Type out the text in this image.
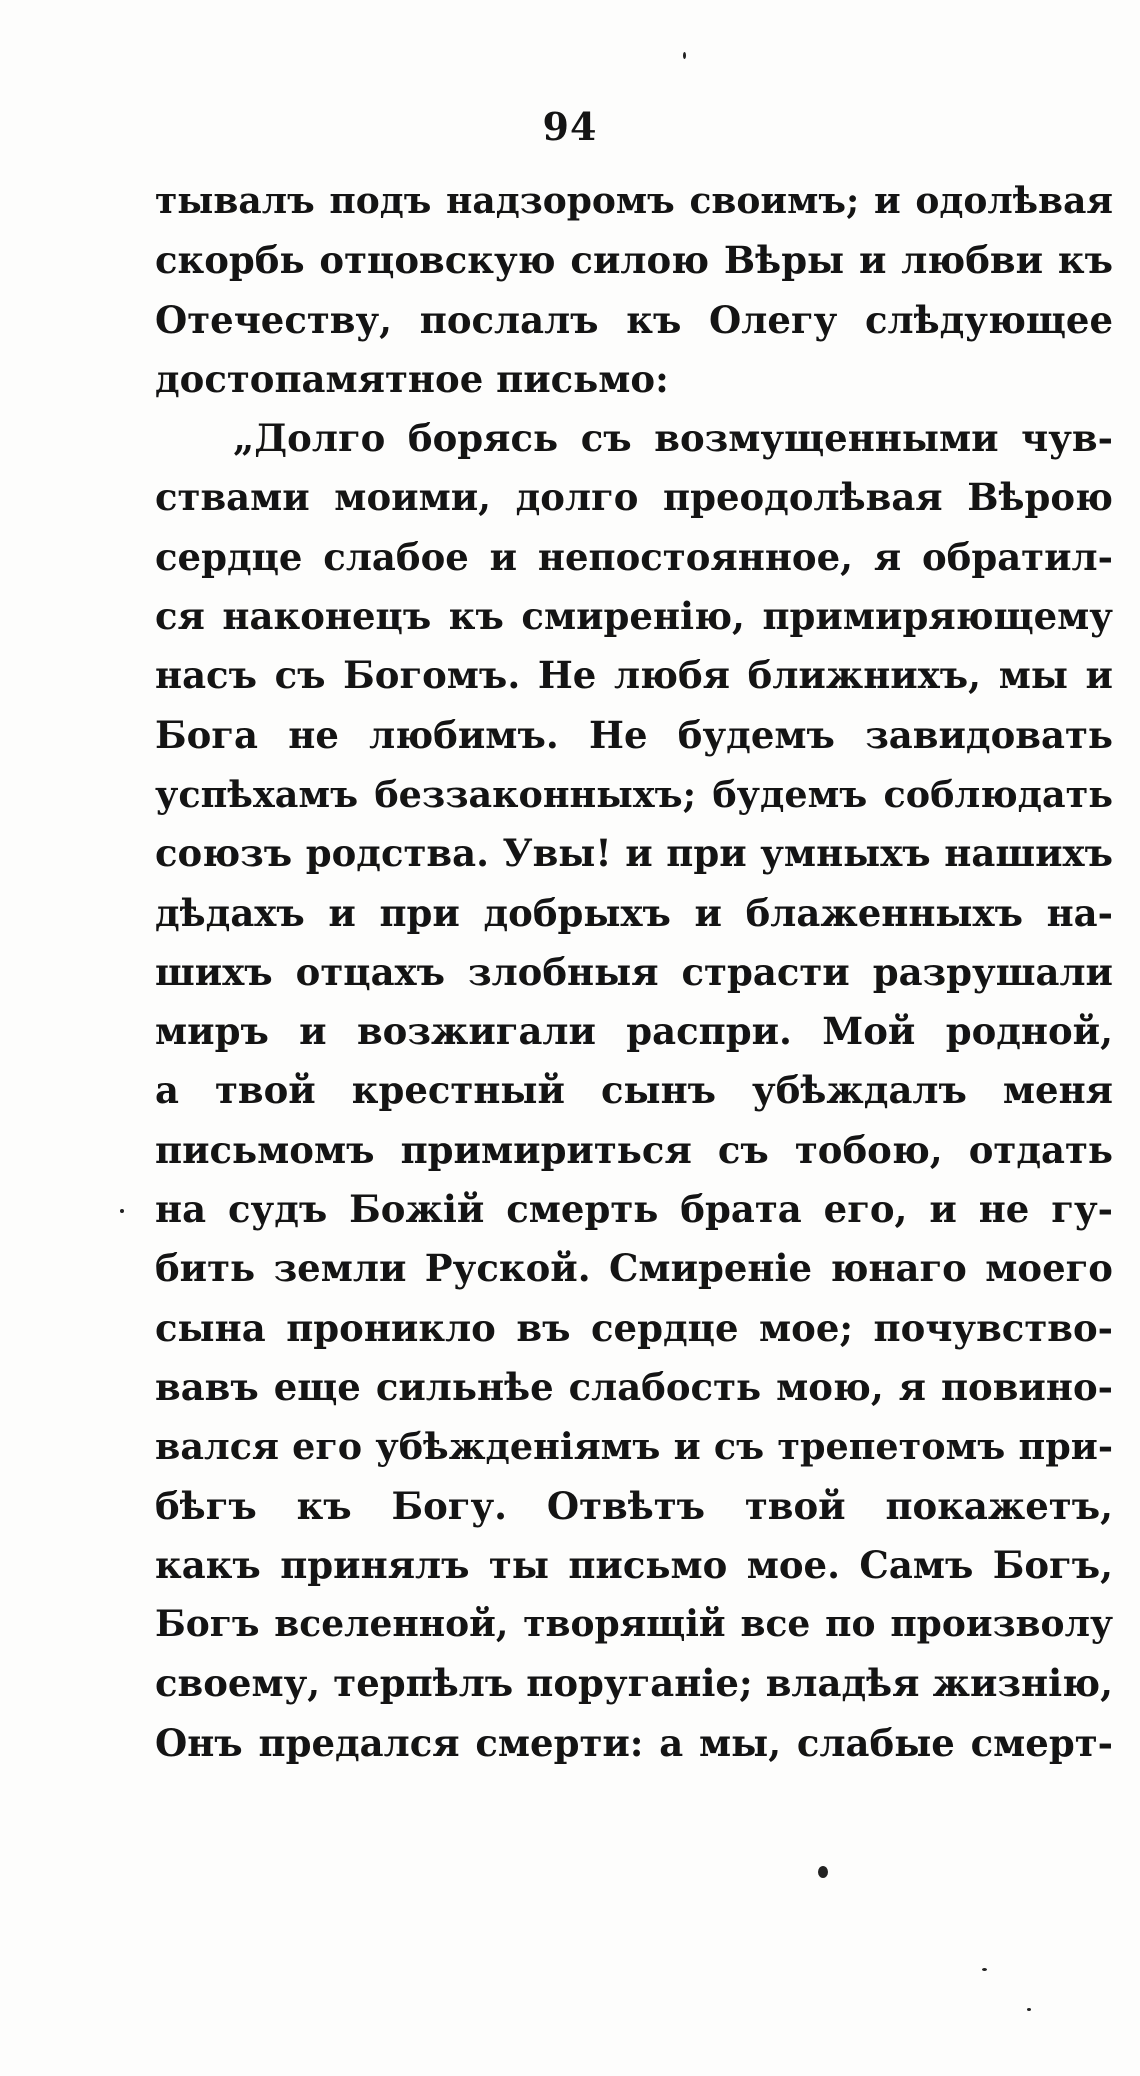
94
тывалъ подъ надзоромъ своимъ; и одолѣвая
скорбь отцовскую силою Вѣры и любви къ
Отечеству, послалъ къ Олегу слѣдующее
достопамятное письмо:
„Долго борясь съ возмущенными чув-
ствами моими, долго преодолѣвая Вѣрою
сердце слабое и непостоянное, я обратил-
ся наконецъ къ смиренію, примиряющему
насъ съ Богомъ. Не любя ближнихъ, мы и
Бога не любимъ. Не будемъ завидовать
успѣхамъ беззаконныхъ; будемъ соблюдать
союзъ родства. Увы! и при умныхъ нашихъ
дѣдахъ и при добрыхъ и блаженныхъ на-
шихъ отцахъ злобныя страсти разрушали
миръ и возжигали распри. Мой родной,
а твой крестный сынъ убѣждалъ меня
письмомъ примириться съ тобою, отдать
на судъ Божій смерть брата его, и не гу-
бить земли Руской. Смиреніе юнаго моего
сына проникло въ сердце мое; почувство-
вавъ еще сильнѣе слабость мою, я повино-
вался его убѣжденіямъ и съ трепетомъ при-
бѣгъ къ Богу. Отвѣтъ твой покажетъ,
какъ принялъ ты письмо мое. Самъ Богъ,
Богъ вселенной, творящій все по произволу
своему, терпѣлъ поруганіе; владѣя жизнію,
Онъ предался смерти: а мы, слабые смерт-
